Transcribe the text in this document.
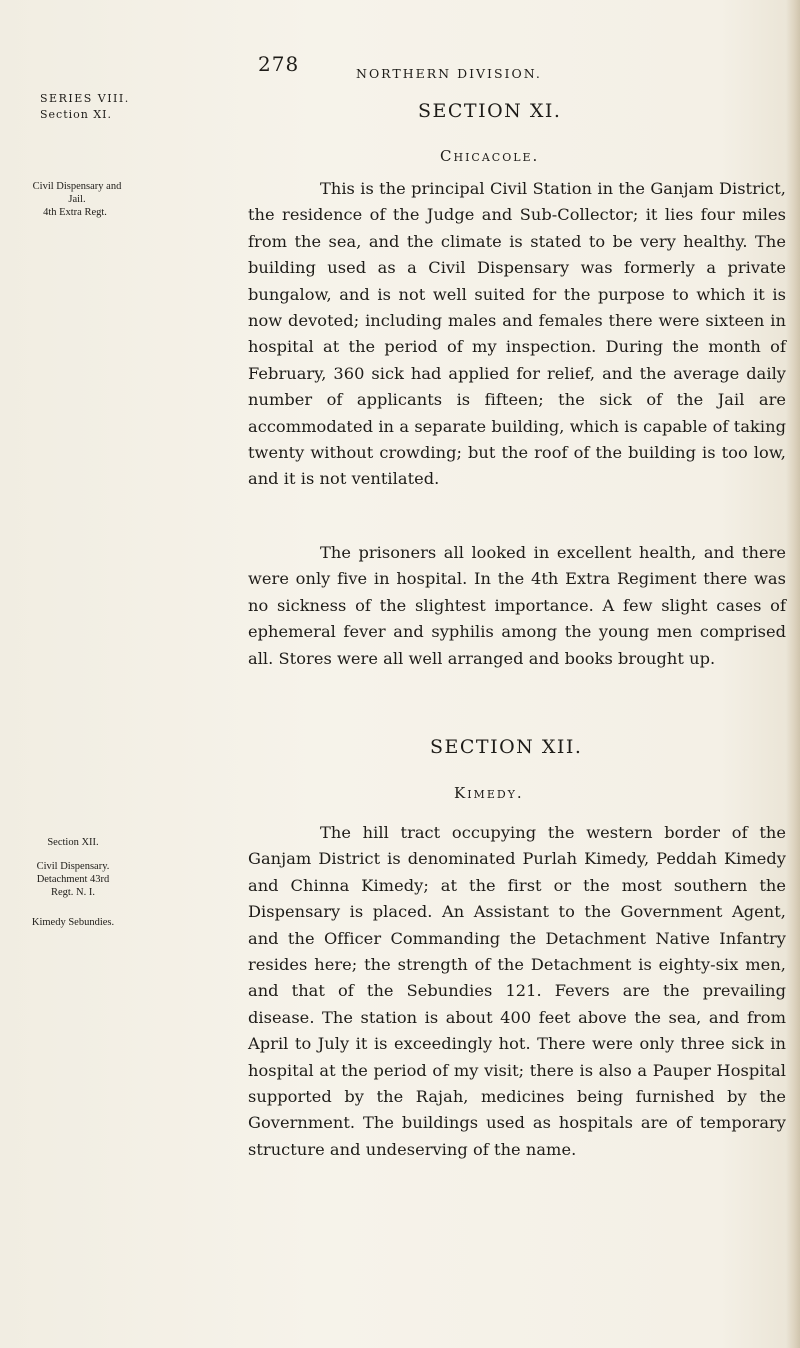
278	NORTHERN DIVISION.
SERIES VIII.
Section XI.	SECTION XI.
Chicacole.
Civil Dispensary and Jail.
4th Extra Regt.
This is the principal Civil Station in the Ganjam District, the residence of the Judge and Sub-Collector; it lies four miles from the sea, and the climate is stated to be very healthy. The building used as a Civil Dispensary was formerly a private bungalow, and is not well suited for the purpose to which it is now devoted; including males and females there were sixteen in hospital at the period of my inspection. During the month of February, 360 sick had applied for relief, and the average daily number of applicants is fifteen; the sick of the Jail are accommodated in a separate building, which is capable of taking twenty without crowding; but the roof of the building is too low, and it is not ventilated.
The prisoners all looked in excellent health, and there were only five in hospital. In the 4th Extra Regiment there was no sickness of the slightest importance. A few slight cases of ephemeral fever and syphilis among the young men comprised all. Stores were all well arranged and books brought up.
SECTION XII.
Kimedy.
Section XII.
Civil Dispensary. Detachment 43rd Regt. N. I.
Kimedy Sebundies.
The hill tract occupying the western border of the Ganjam District is denominated Purlah Kimedy, Peddah Kimedy and Chinna Kimedy; at the first or the most southern the Dispensary is placed. An Assistant to the Government Agent, and the Officer Commanding the Detachment Native Infantry resides here; the strength of the Detachment is eighty-six men, and that of the Sebundies 121. Fevers are the prevailing disease. The station is about 400 feet above the sea, and from April to July it is exceedingly hot. There were only three sick in hospital at the period of my visit; there is also a Pauper Hospital supported by the Rajah, medicines being furnished by the Government. The buildings used as hospitals are of temporary structure and undeserving of the name.
